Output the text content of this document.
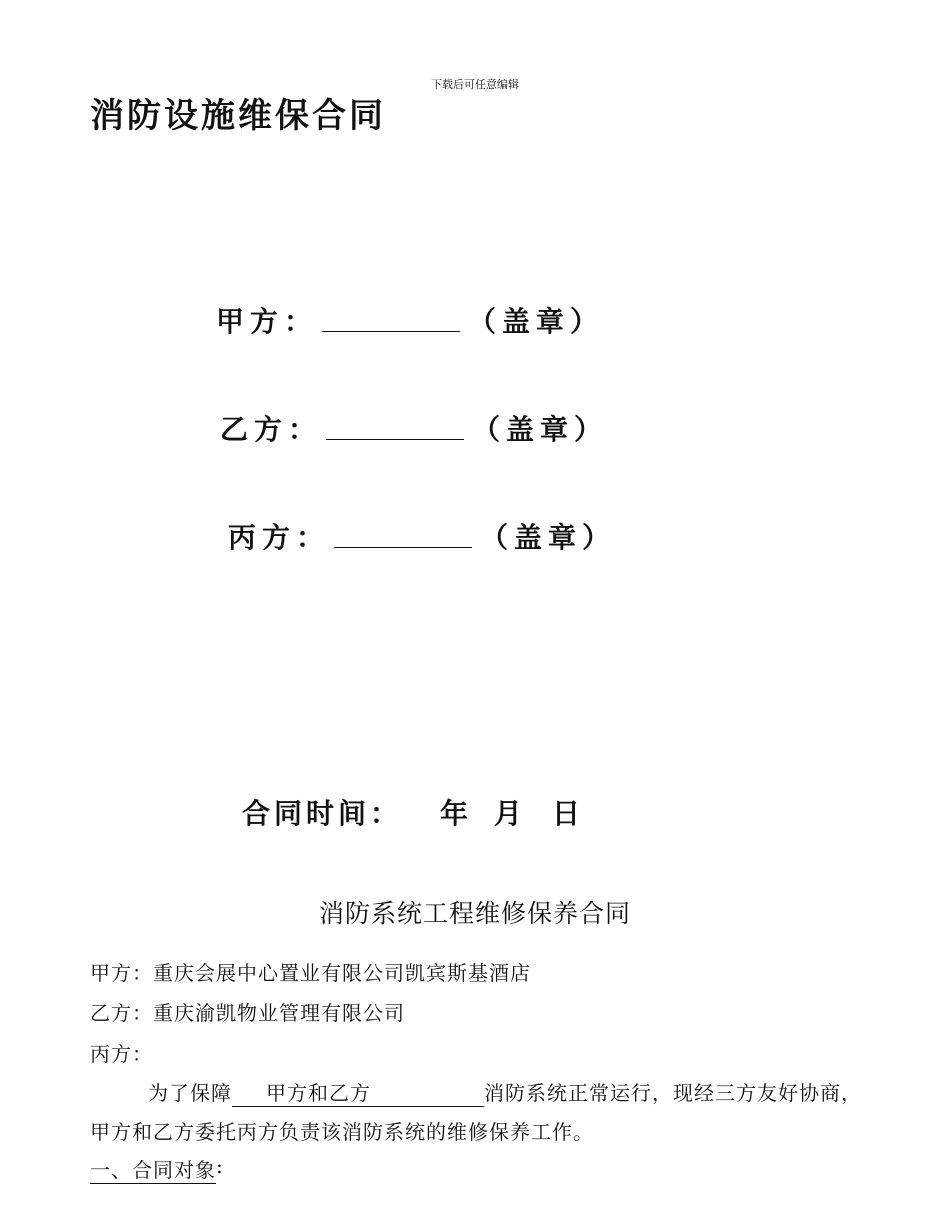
下载后可任意编辑
消防设施维保合同
甲方：	（盖章）
乙方：	（盖章）
丙方：	（盖章）
合同时间： 年 月 日
消防系统工程维修保养合同
甲方：重庆会展中心置业有限公司凯宾斯基酒店
乙方：重庆渝凯物业管理有限公司
丙方：
为了保障	甲方和乙方	消防系统正常运行，现经三方友好协商，
甲方和乙方委托丙方负责该消防系统的维修保养工作。
一、合同对象 :
